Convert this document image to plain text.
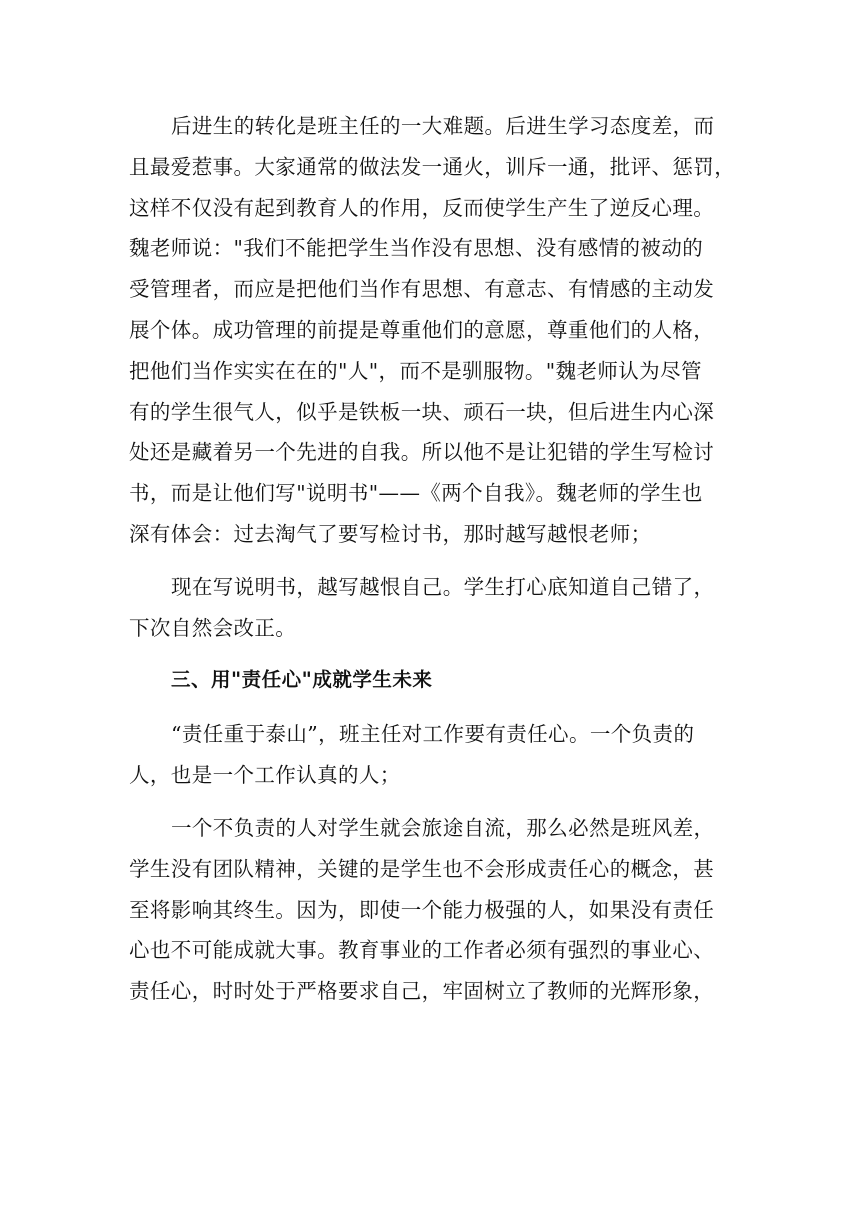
后进生的转化是班主任的一大难题。后进生学习态度差，而
且最爱惹事。大家通常的做法发一通火，训斥一通，批评、惩罚，
这样不仅没有起到教育人的作用，反而使学生产生了逆反心理。
魏老师说："我们不能把学生当作没有思想、没有感情的被动的
受管理者，而应是把他们当作有思想、有意志、有情感的主动发
展个体。成功管理的前提是尊重他们的意愿，尊重他们的人格，
把他们当作实实在在的"人"，而不是驯服物。"魏老师认为尽管
有的学生很气人，似乎是铁板一块、顽石一块，但后进生内心深
处还是藏着另一个先进的自我。所以他不是让犯错的学生写检讨
书，而是让他们写"说明书"——《两个自我》。魏老师的学生也
深有体会：过去淘气了要写检讨书，那时越写越恨老师；

现在写说明书，越写越恨自己。学生打心底知道自己错了，
下次自然会改正。

三、用"责任心"成就学生未来

“责任重于泰山”，班主任对工作要有责任心。一个负责的
人，也是一个工作认真的人；

一个不负责的人对学生就会旅途自流，那么必然是班风差，
学生没有团队精神，关键的是学生也不会形成责任心的概念，甚
至将影响其终生。因为，即使一个能力极强的人，如果没有责任
心也不可能成就大事。教育事业的工作者必须有强烈的事业心、
责任心，时时处于严格要求自己，牢固树立了教师的光辉形象，
